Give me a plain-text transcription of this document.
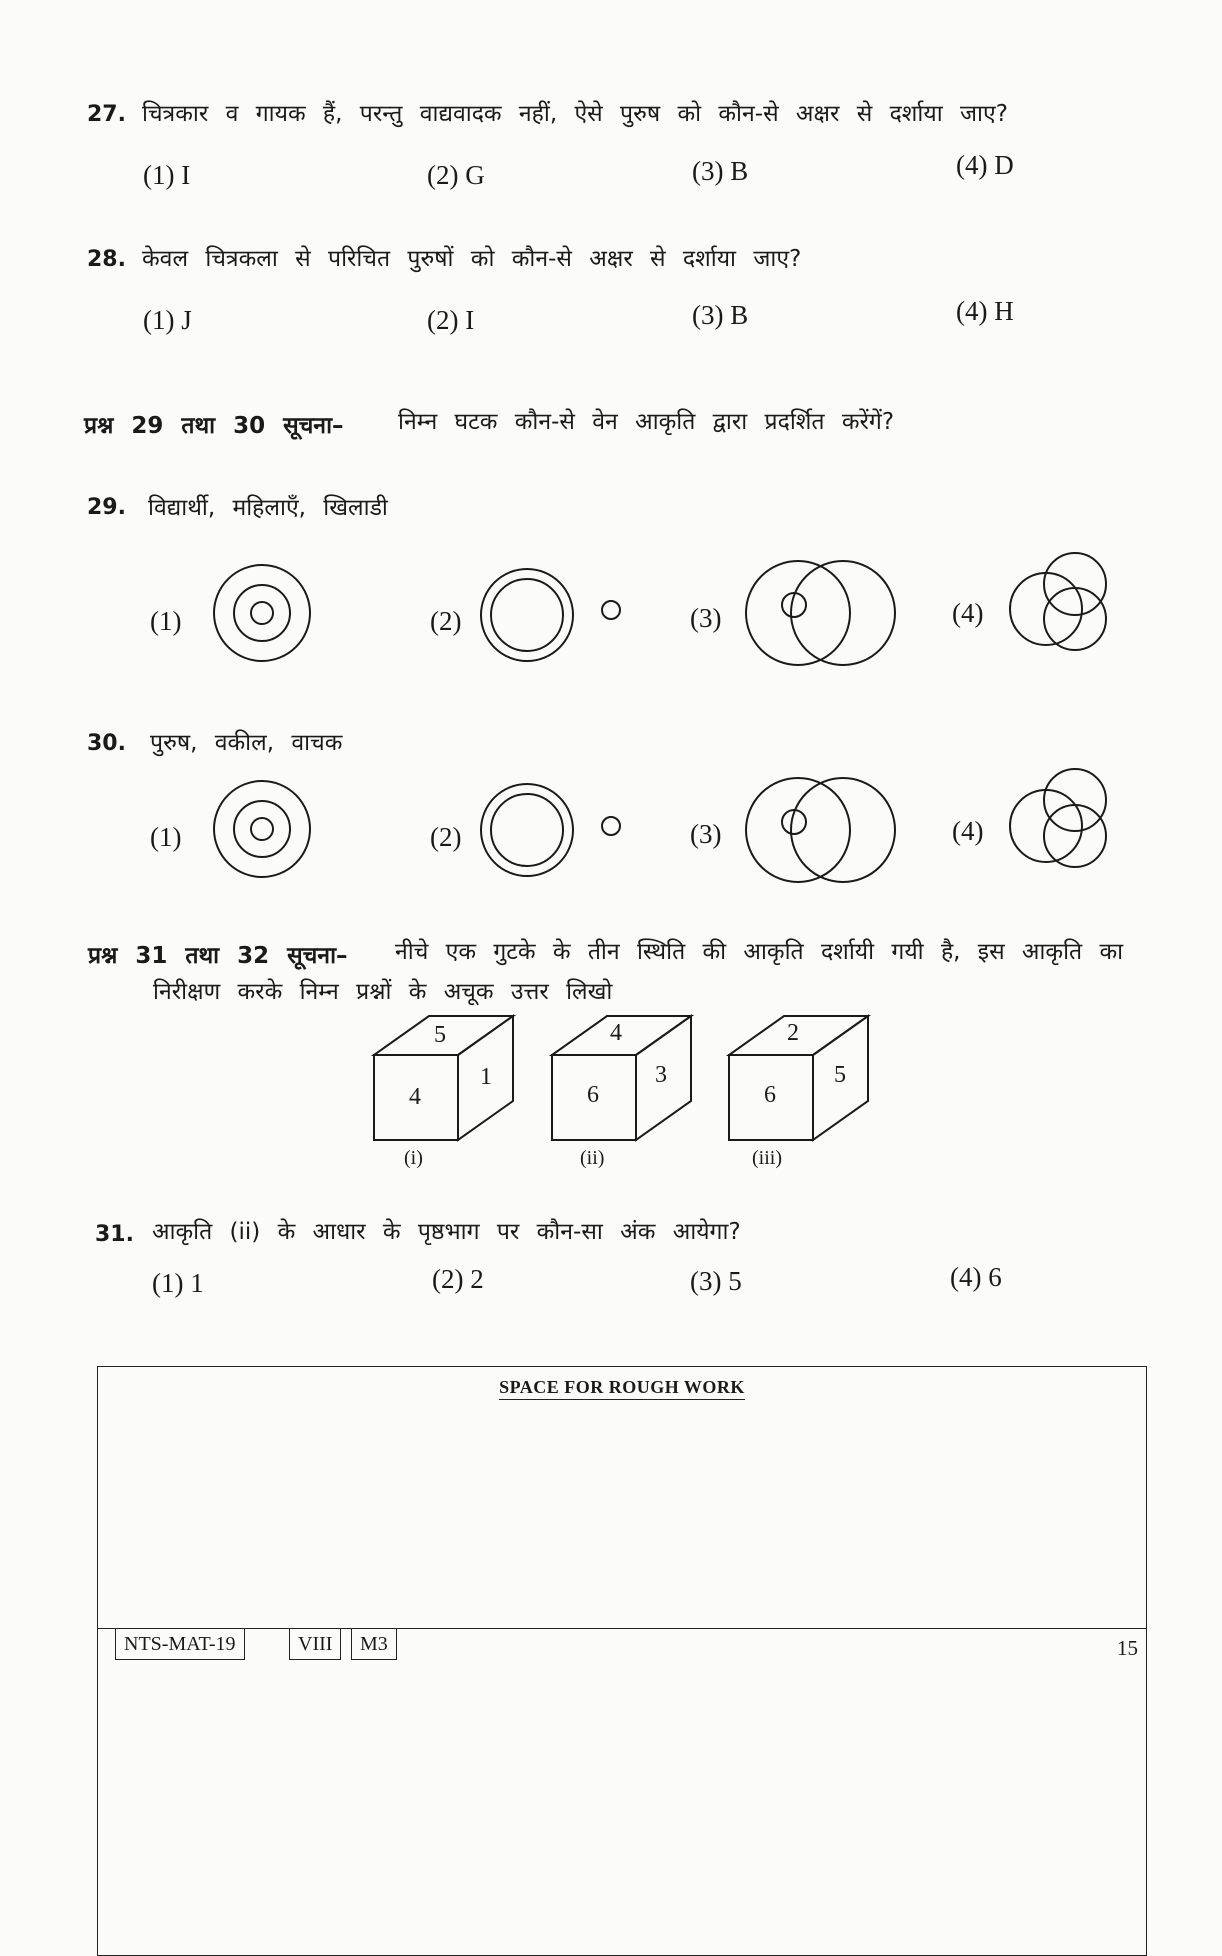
27. चित्रकार व गायक हैं, परन्तु वाद्यवादक नहीं, ऐसे पुरुष को कौन-से अक्षर से दर्शाया जाए?
(1) I	(2) G	(3) B	(4) D
28. केवल चित्रकला से परिचित पुरुषों को कौन-से अक्षर से दर्शाया जाए?
(1) J	(2) I	(3) B	(4) H
प्रश्न 29 तथा 30 सूचना– निम्न घटक कौन-से वेन आकृति द्वारा प्रदर्शित करेंगें?
29. विद्यार्थी, महिलाएँ, खिलाडी
(1)	(2)	(3)	(4)
30. पुरुष, वकील, वाचक
(1)	(2)	(3)	(4)
प्रश्न 31 तथा 32 सूचना– नीचे एक गुटके के तीन स्थिति की आकृति दर्शायी गयी है, इस आकृति का
निरीक्षण करके निम्न प्रश्नों के अचूक उत्तर लिखो
5
4
1
(i)
4
6
3
(ii)
2
6
5
(iii)
31. आकृति (ii) के आधार के पृष्ठभाग पर कौन-सा अंक आयेगा?
(1) 1	(2) 2	(3) 5	(4) 6
SPACE FOR ROUGH WORK
NTS-MAT-19	VIII	M3	15
